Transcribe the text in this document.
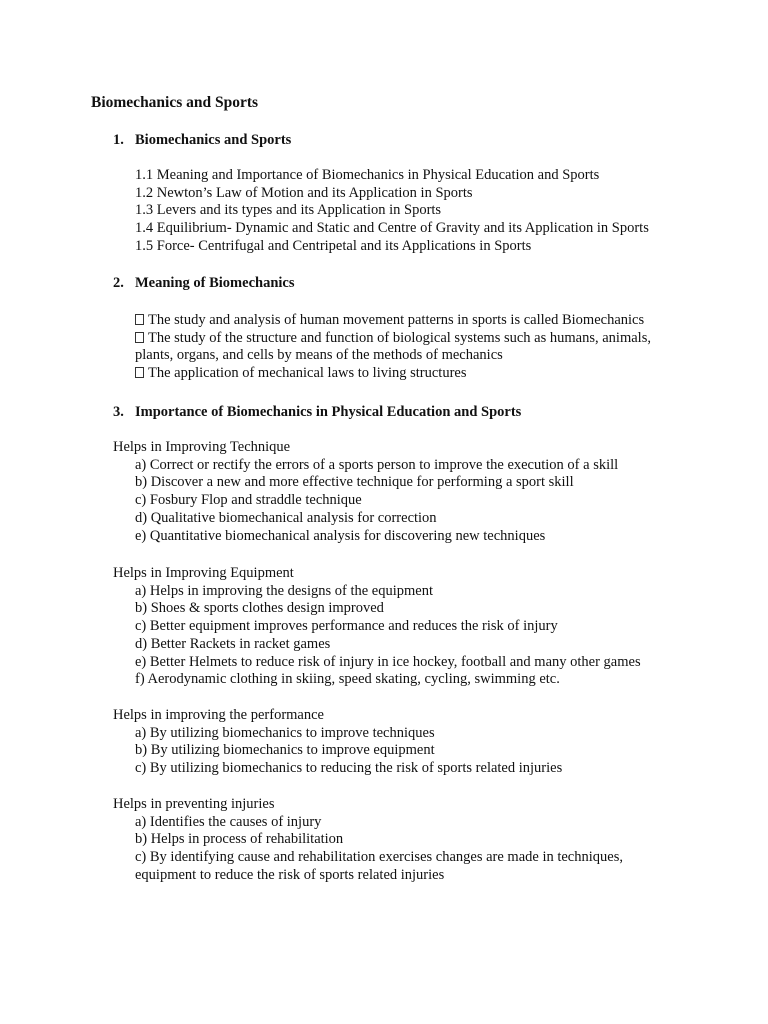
Biomechanics and Sports
1. Biomechanics and Sports
1.1 Meaning and Importance of Biomechanics in Physical Education and Sports
1.2 Newton’s Law of Motion and its Application in Sports
1.3 Levers and its types and its Application in Sports
1.4 Equilibrium- Dynamic and Static and Centre of Gravity and its Application in Sports
1.5 Force- Centrifugal and Centripetal and its Applications in Sports
2. Meaning of Biomechanics
The study and analysis of human movement patterns in sports is called Biomechanics
The study of the structure and function of biological systems such as humans, animals,
plants, organs, and cells by means of the methods of mechanics
The application of mechanical laws to living structures
3. Importance of Biomechanics in Physical Education and Sports
Helps in Improving Technique
a) Correct or rectify the errors of a sports person to improve the execution of a skill
b) Discover a new and more effective technique for performing a sport skill
c) Fosbury Flop and straddle technique
d) Qualitative biomechanical analysis for correction
e) Quantitative biomechanical analysis for discovering new techniques
Helps in Improving Equipment
a) Helps in improving the designs of the equipment
b) Shoes & sports clothes design improved
c) Better equipment improves performance and reduces the risk of injury
d) Better Rackets in racket games
e) Better Helmets to reduce risk of injury in ice hockey, football and many other games
f) Aerodynamic clothing in skiing, speed skating, cycling, swimming etc.
Helps in improving the performance
a) By utilizing biomechanics to improve techniques
b) By utilizing biomechanics to improve equipment
c) By utilizing biomechanics to reducing the risk of sports related injuries
Helps in preventing injuries
a) Identifies the causes of injury
b) Helps in process of rehabilitation
c) By identifying cause and rehabilitation exercises changes are made in techniques,
equipment to reduce the risk of sports related injuries
